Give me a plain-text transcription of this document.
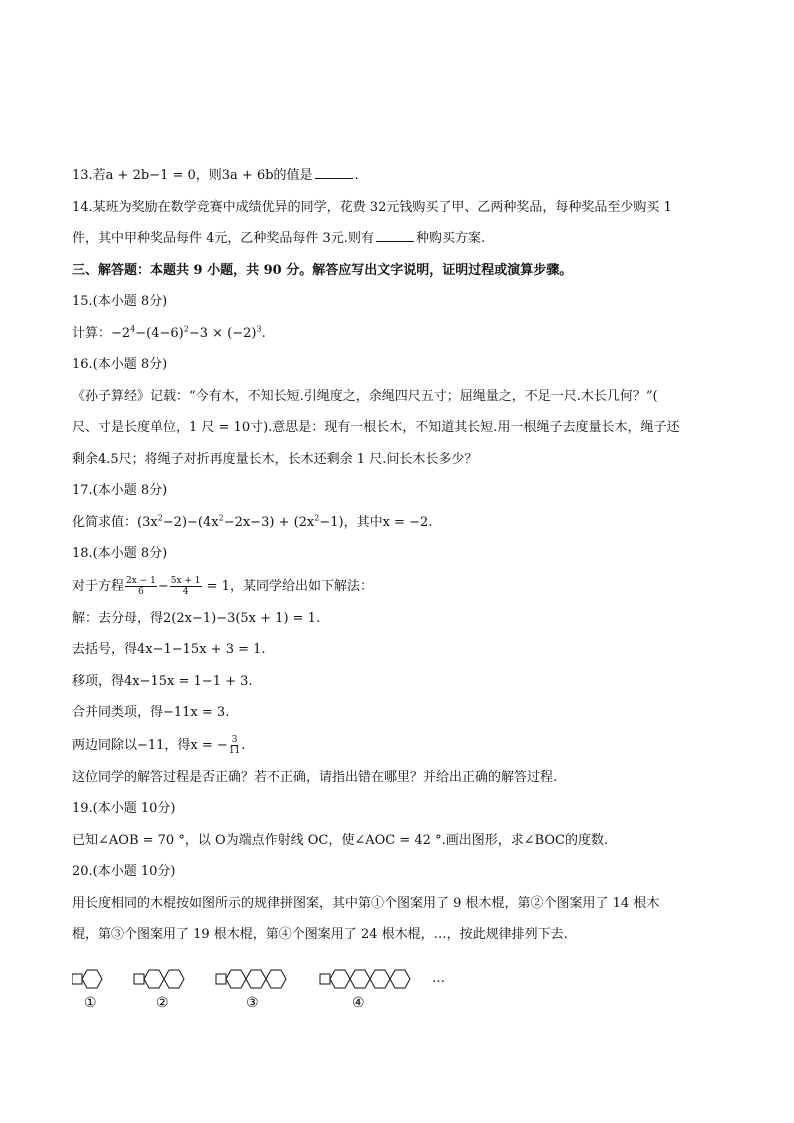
13.若a + 2b−1 = 0，则3a + 6b的值是	.
14.某班为奖励在数学竞赛中成绩优异的同学，花费 32元钱购买了甲、乙两种奖品，每种奖品至少购买 1
件，其中甲种奖品每件 4元，乙种奖品每件 3元.则有	种购买方案.
三、解答题：本题共 9 小题，共 90 分。解答应写出文字说明，证明过程或演算步骤。
15.(本小题 8分)
计算：$-2^4-(4-6)^2-3 \times (-2)^3$.
16.(本小题 8分)
《孙子算经》记载：“今有木，不知长短.引绳度之，余绳四尺五寸；屈绳量之，不足一尺.木长几何？”(
尺、寸是长度单位，1 尺 = 10寸).意思是：现有一根长木，不知道其长短.用一根绳子去度量长木，绳子还
剩余4.5尺；将绳子对折再度量长木，长木还剩余 1 尺.问长木长多少？
17.(本小题 8分)
化简求值：$(3x^2-2)-(4x^2-2x-3) + (2x^2-1)$，其中x = −2.
18.(本小题 8分)
对于方程 $\frac{2x - 1}{6} - \frac{5x + 1}{4} = 1$，某同学给出如下解法：
解：去分母，得2(2x−1)−3(5x + 1) = 1.
去括号，得4x−1−15x + 3 = 1.
移项，得4x−15x = 1−1 + 3.
合并同类项，得−11x = 3.
两边同除以−11，得x = − $\frac{3}{11}$ .
这位同学的解答过程是否正确？若不正确，请指出错在哪里？并给出正确的解答过程.
19.(本小题 10分)
已知∠AOB = 70 °，以 O为端点作射线 OC，使∠AOC = 42 °.画出图形，求∠BOC的度数.
20.(本小题 10分)
用长度相同的木棍按如图所示的规律拼图案，其中第①个图案用了 9 根木棍，第②个图案用了 14 根木
棍，第③个图案用了 19 根木棍，第④个图案用了 24 根木棍，…，按此规律排列下去.
①	②	③	④
…
